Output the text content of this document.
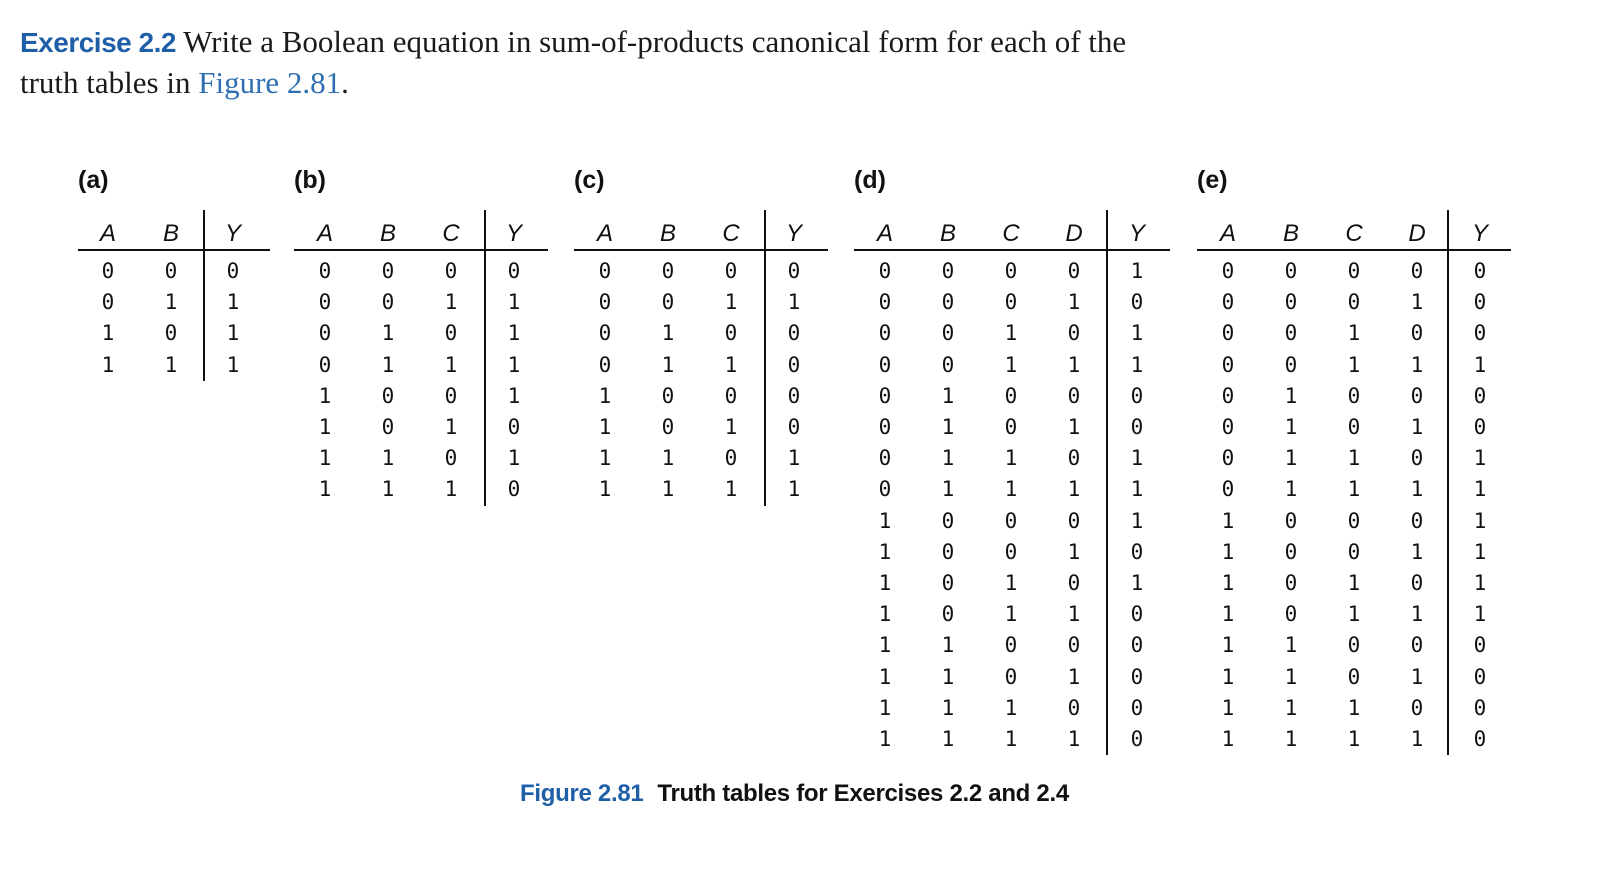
Exercise 2.2 Write a Boolean equation in sum-of-products canonical form for each of the truth tables in Figure 2.81.
(a)
A	B	Y
0	0	0
0	1	1
1	0	1
1	1	1
(b)
A	B	C	Y
0	0	0	0
0	0	1	1
0	1	0	1
0	1	1	1
1	0	0	1
1	0	1	0
1	1	0	1
1	1	1	0
(c)
A	B	C	Y
0	0	0	0
0	0	1	1
0	1	0	0
0	1	1	0
1	0	0	0
1	0	1	0
1	1	0	1
1	1	1	1
(d)
A	B	C	D	Y
0	0	0	0	1
0	0	0	1	0
0	0	1	0	1
0	0	1	1	1
0	1	0	0	0
0	1	0	1	0
0	1	1	0	1
0	1	1	1	1
1	0	0	0	1
1	0	0	1	0
1	0	1	0	1
1	0	1	1	0
1	1	0	0	0
1	1	0	1	0
1	1	1	0	0
1	1	1	1	0
(e)
A	B	C	D	Y
0	0	0	0	0
0	0	0	1	0
0	0	1	0	0
0	0	1	1	1
0	1	0	0	0
0	1	0	1	0
0	1	1	0	1
0	1	1	1	1
1	0	0	0	1
1	0	0	1	1
1	0	1	0	1
1	0	1	1	1
1	1	0	0	0
1	1	0	1	0
1	1	1	0	0
1	1	1	1	0
Figure 2.81 Truth tables for Exercises 2.2 and 2.4
